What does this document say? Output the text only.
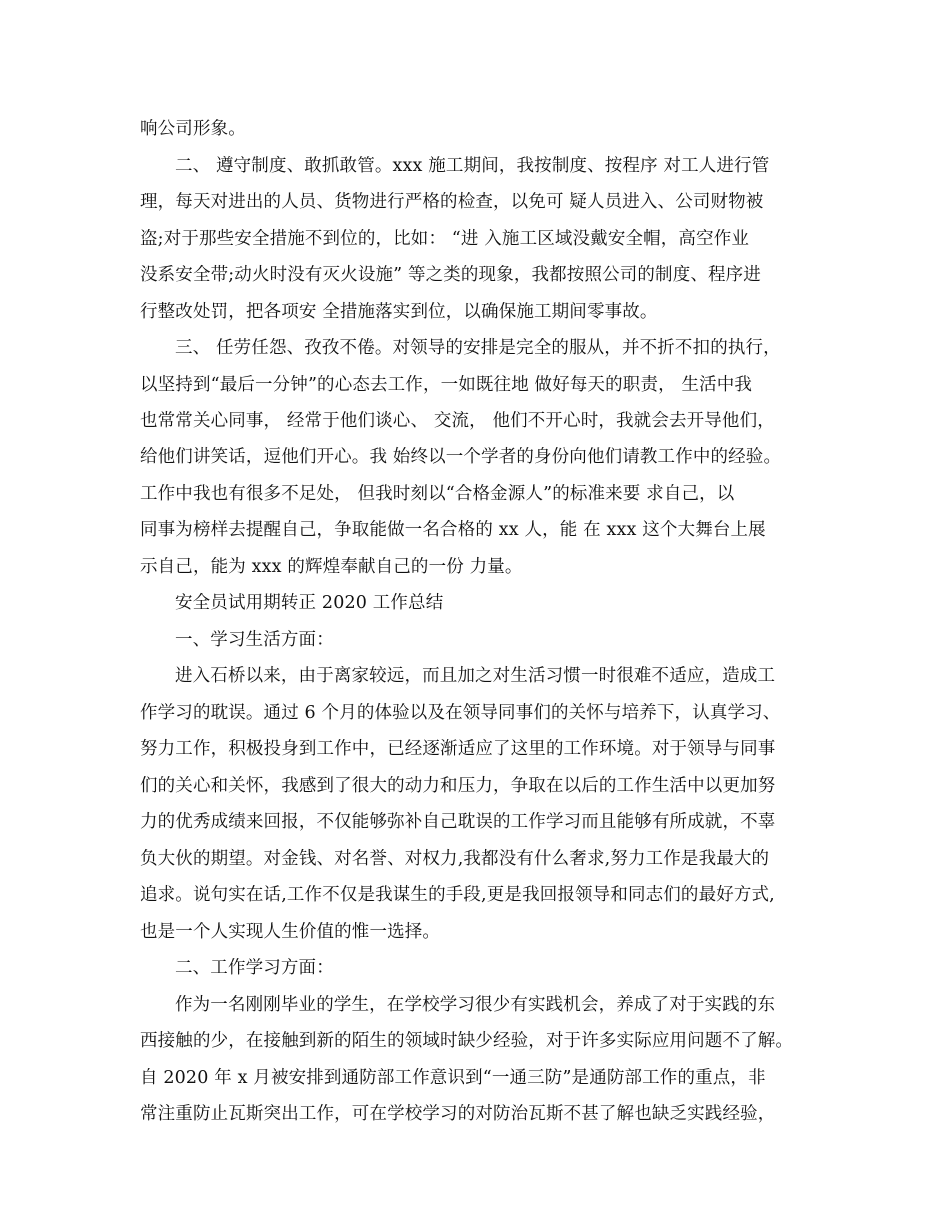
响公司形象。
二、 遵守制度、敢抓敢管。xxx 施工期间，我按制度、按程序 对工人进行管
理，每天对进出的人员、货物进行严格的检查，以免可 疑人员进入、公司财物被
盗;对于那些安全措施不到位的，比如： “进 入施工区域没戴安全帽，高空作业
没系安全带;动火时没有灭火设施” 等之类的现象，我都按照公司的制度、程序进
行整改处罚，把各项安 全措施落实到位，以确保施工期间零事故。
三、 任劳任怨、孜孜不倦。对领导的安排是完全的服从，并不折不扣的执行，
以坚持到“最后一分钟”的心态去工作，一如既往地 做好每天的职责， 生活中我
也常常关心同事， 经常于他们谈心、 交流， 他们不开心时，我就会去开导他们，
给他们讲笑话，逗他们开心。我 始终以一个学者的身份向他们请教工作中的经验。
工作中我也有很多不足处， 但我时刻以“合格金源人”的标准来要 求自己，以
同事为榜样去提醒自己，争取能做一名合格的 xx 人，能 在 xxx 这个大舞台上展
示自己，能为 xxx 的辉煌奉献自己的一份 力量。
安全员试用期转正 2020 工作总结
一、学习生活方面：
进入石桥以来，由于离家较远，而且加之对生活习惯一时很难不适应，造成工
作学习的耽误。通过 6 个月的体验以及在领导同事们的关怀与培养下，认真学习、
努力工作，积极投身到工作中，已经逐渐适应了这里的工作环境。对于领导与同事
们的关心和关怀，我感到了很大的动力和压力，争取在以后的工作生活中以更加努
力的优秀成绩来回报，不仅能够弥补自己耽误的工作学习而且能够有所成就，不辜
负大伙的期望。对金钱、对名誉、对权力,我都没有什么奢求,努力工作是我最大的
追求。说句实在话,工作不仅是我谋生的手段,更是我回报领导和同志们的最好方式,
也是一个人实现人生价值的惟一选择。
二、工作学习方面：
作为一名刚刚毕业的学生，在学校学习很少有实践机会，养成了对于实践的东
西接触的少，在接触到新的陌生的领域时缺少经验，对于许多实际应用问题不了解。
自 2020 年 x 月被安排到通防部工作意识到“一通三防”是通防部工作的重点，非
常注重防止瓦斯突出工作，可在学校学习的对防治瓦斯不甚了解也缺乏实践经验，
